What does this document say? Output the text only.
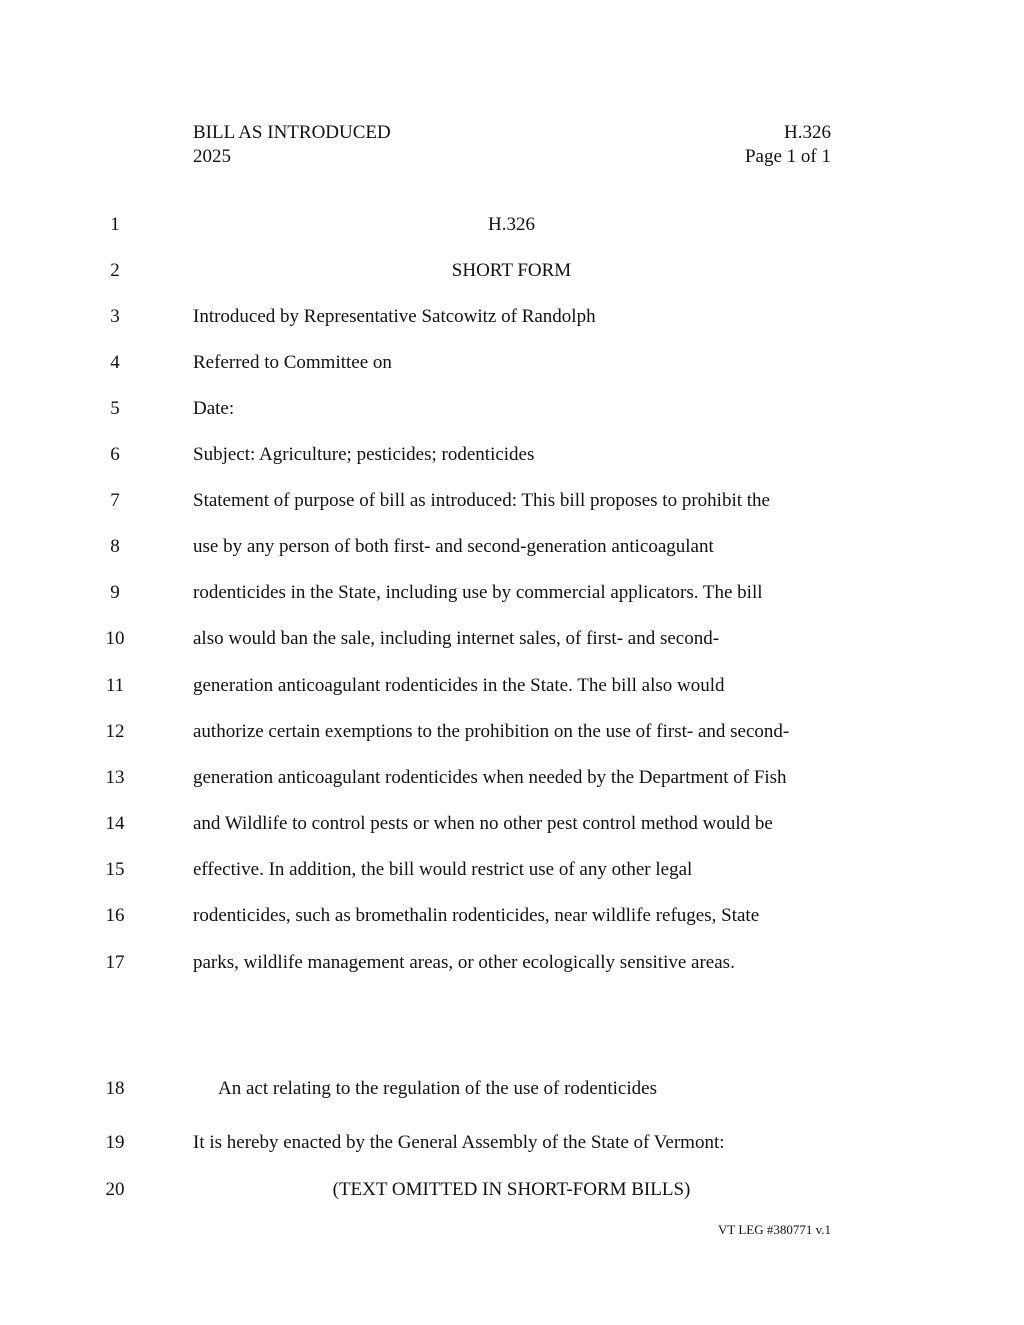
BILL AS INTRODUCED
2025
H.326
Page 1 of 1
1	H.326
2	SHORT FORM
3	Introduced by Representative Satcowitz of Randolph
4	Referred to Committee on
5	Date:
6	Subject: Agriculture; pesticides; rodenticides
7	Statement of purpose of bill as introduced: This bill proposes to prohibit the
8	use by any person of both first- and second-generation anticoagulant
9	rodenticides in the State, including use by commercial applicators. The bill
10	also would ban the sale, including internet sales, of first- and second-
11	generation anticoagulant rodenticides in the State. The bill also would
12	authorize certain exemptions to the prohibition on the use of first- and second-
13	generation anticoagulant rodenticides when needed by the Department of Fish
14	and Wildlife to control pests or when no other pest control method would be
15	effective. In addition, the bill would restrict use of any other legal
16	rodenticides, such as bromethalin rodenticides, near wildlife refuges, State
17	parks, wildlife management areas, or other ecologically sensitive areas.
18	An act relating to the regulation of the use of rodenticides
19	It is hereby enacted by the General Assembly of the State of Vermont:
20	(TEXT OMITTED IN SHORT-FORM BILLS)
VT LEG #380771 v.1
